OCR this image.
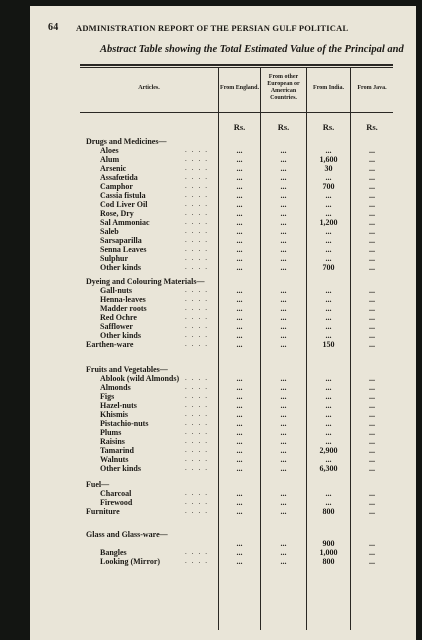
64 ADMINISTRATION REPORT OF THE PERSIAN GULF POLITICAL
Abstract Table showing the Total Estimated Value of the Principal and
Articles.	From England.
From other European or American Countries.
From India.	From Java.
Rs.	Rs.	Rs.	Rs.
Drugs and Medicines—
Aloes	....	...	...	...	...
Alum	....	...	...	1,600	...
Arsenic	....	...	...	30	...
Assafœtida	....	...	...	...	...
Camphor	....	...	...	700	...
Cassia fistula	....	...	...	...	...
Cod Liver Oil	....	...	...	...	...
Rose, Dry	....	...	...	...	...
Sal Ammoniac	....	...	...	1,200	...
Saleb	....	...	...	...	...
Sarsaparilla	....	...	...	...	...
Senna Leaves	....	...	...	...	...
Sulphur	....	...	...	...	...
Other kinds	....	...	...	700	...
Dyeing and Colouring Materials—
Gall-nuts	....	...	...	...	...
Henna-leaves	....	...	...	...	...
Madder roots	....	...	...	...	...
Red Ochre	....	...	...	...	...
Safflower	....	...	...	...	...
Other kinds	....	...	...	...	...
Earthen-ware	....	...	...	150	...
Fruits and Vegetables—
Ablook (wild Almonds) ....	...	...	...	...
Almonds	....	...	...	...	...
Figs	....	...	...	...	...
Hazel-nuts	....	...	...	...	...
Khismis	....	...	...	...	...
Pistachio-nuts	....	...	...	...	...
Plums	....	...	...	...	...
Raisins	....	...	...	...	...
Tamarind	....	...	...	2,900	...
Walnuts	....	...	...	...	...
Other kinds	....	...	...	6,300	...
Fuel—
Charcoal	....	...	...	...	...
Firewood	....	...	...	...	...
Furniture	....	...	...	800	...
Glass and Glass-ware—
...	...	900	...
Bangles	....	...	...	1,000	...
Looking (Mirror)	....	...	...	800	...
